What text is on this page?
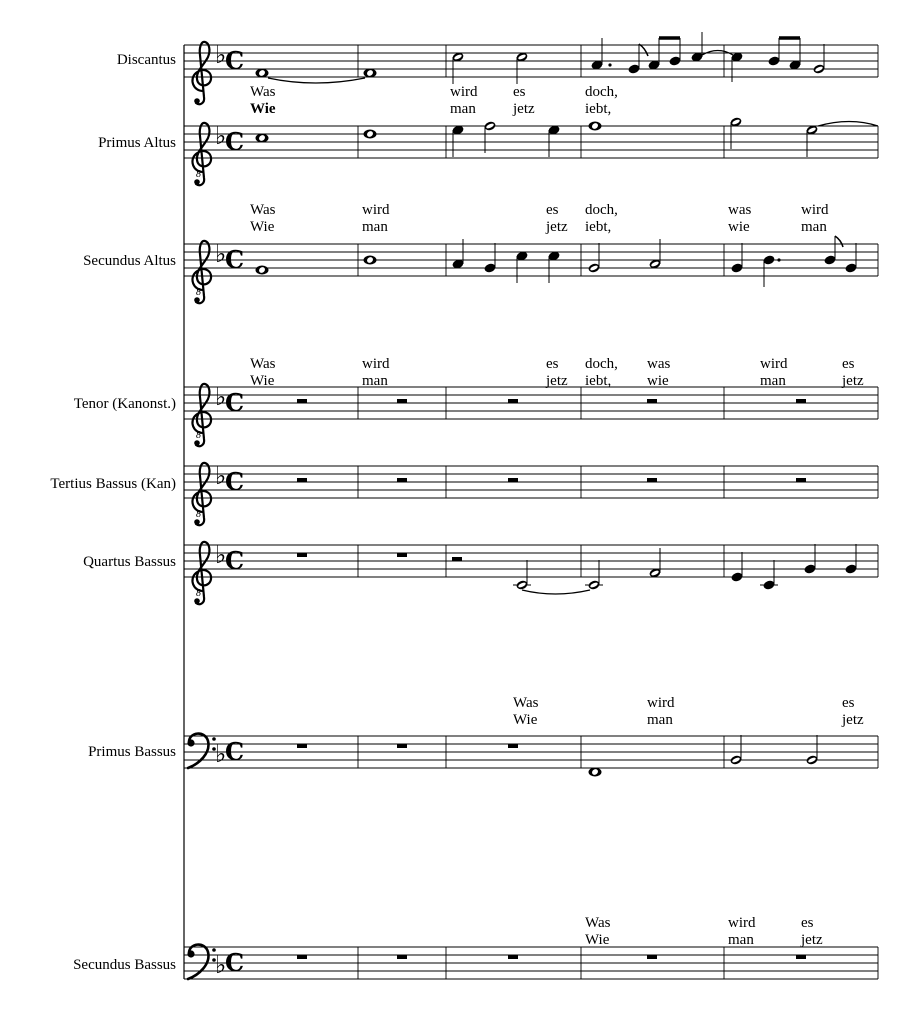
Discantus
Primus Altus
Secundus Altus
Tenor (Kanonst.)
Tertius Bassus (Kan)
Quartus Bassus
Primus Bassus
Secundus Bassus
♭
C
Was	wird es	doch,
Wie	man jetz	iebt,
8
♭
C
Was	wird	es doch,	was	wird
Wie	man	jetz iebt,	wie	man
8
♭
C
Was	wird	es doch, was	wird	es
Wie	man	jetz iebt, wie	man	jetz
8
♭
C
8
♭
C
8
♭
C
Was	wird	es
Wie	man	jetz
♭
C
Was	wird	es
Wie	man	jetz
♭
C
